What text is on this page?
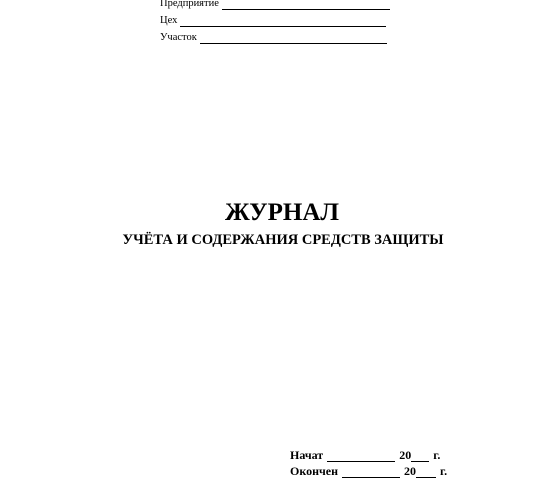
Предприятие
Цех
Участок
ЖУРНАЛ
УЧЁТА И СОДЕРЖАНИЯ СРЕДСТВ ЗАЩИТЫ
Начат	20 г.
Окончен	20 г.
